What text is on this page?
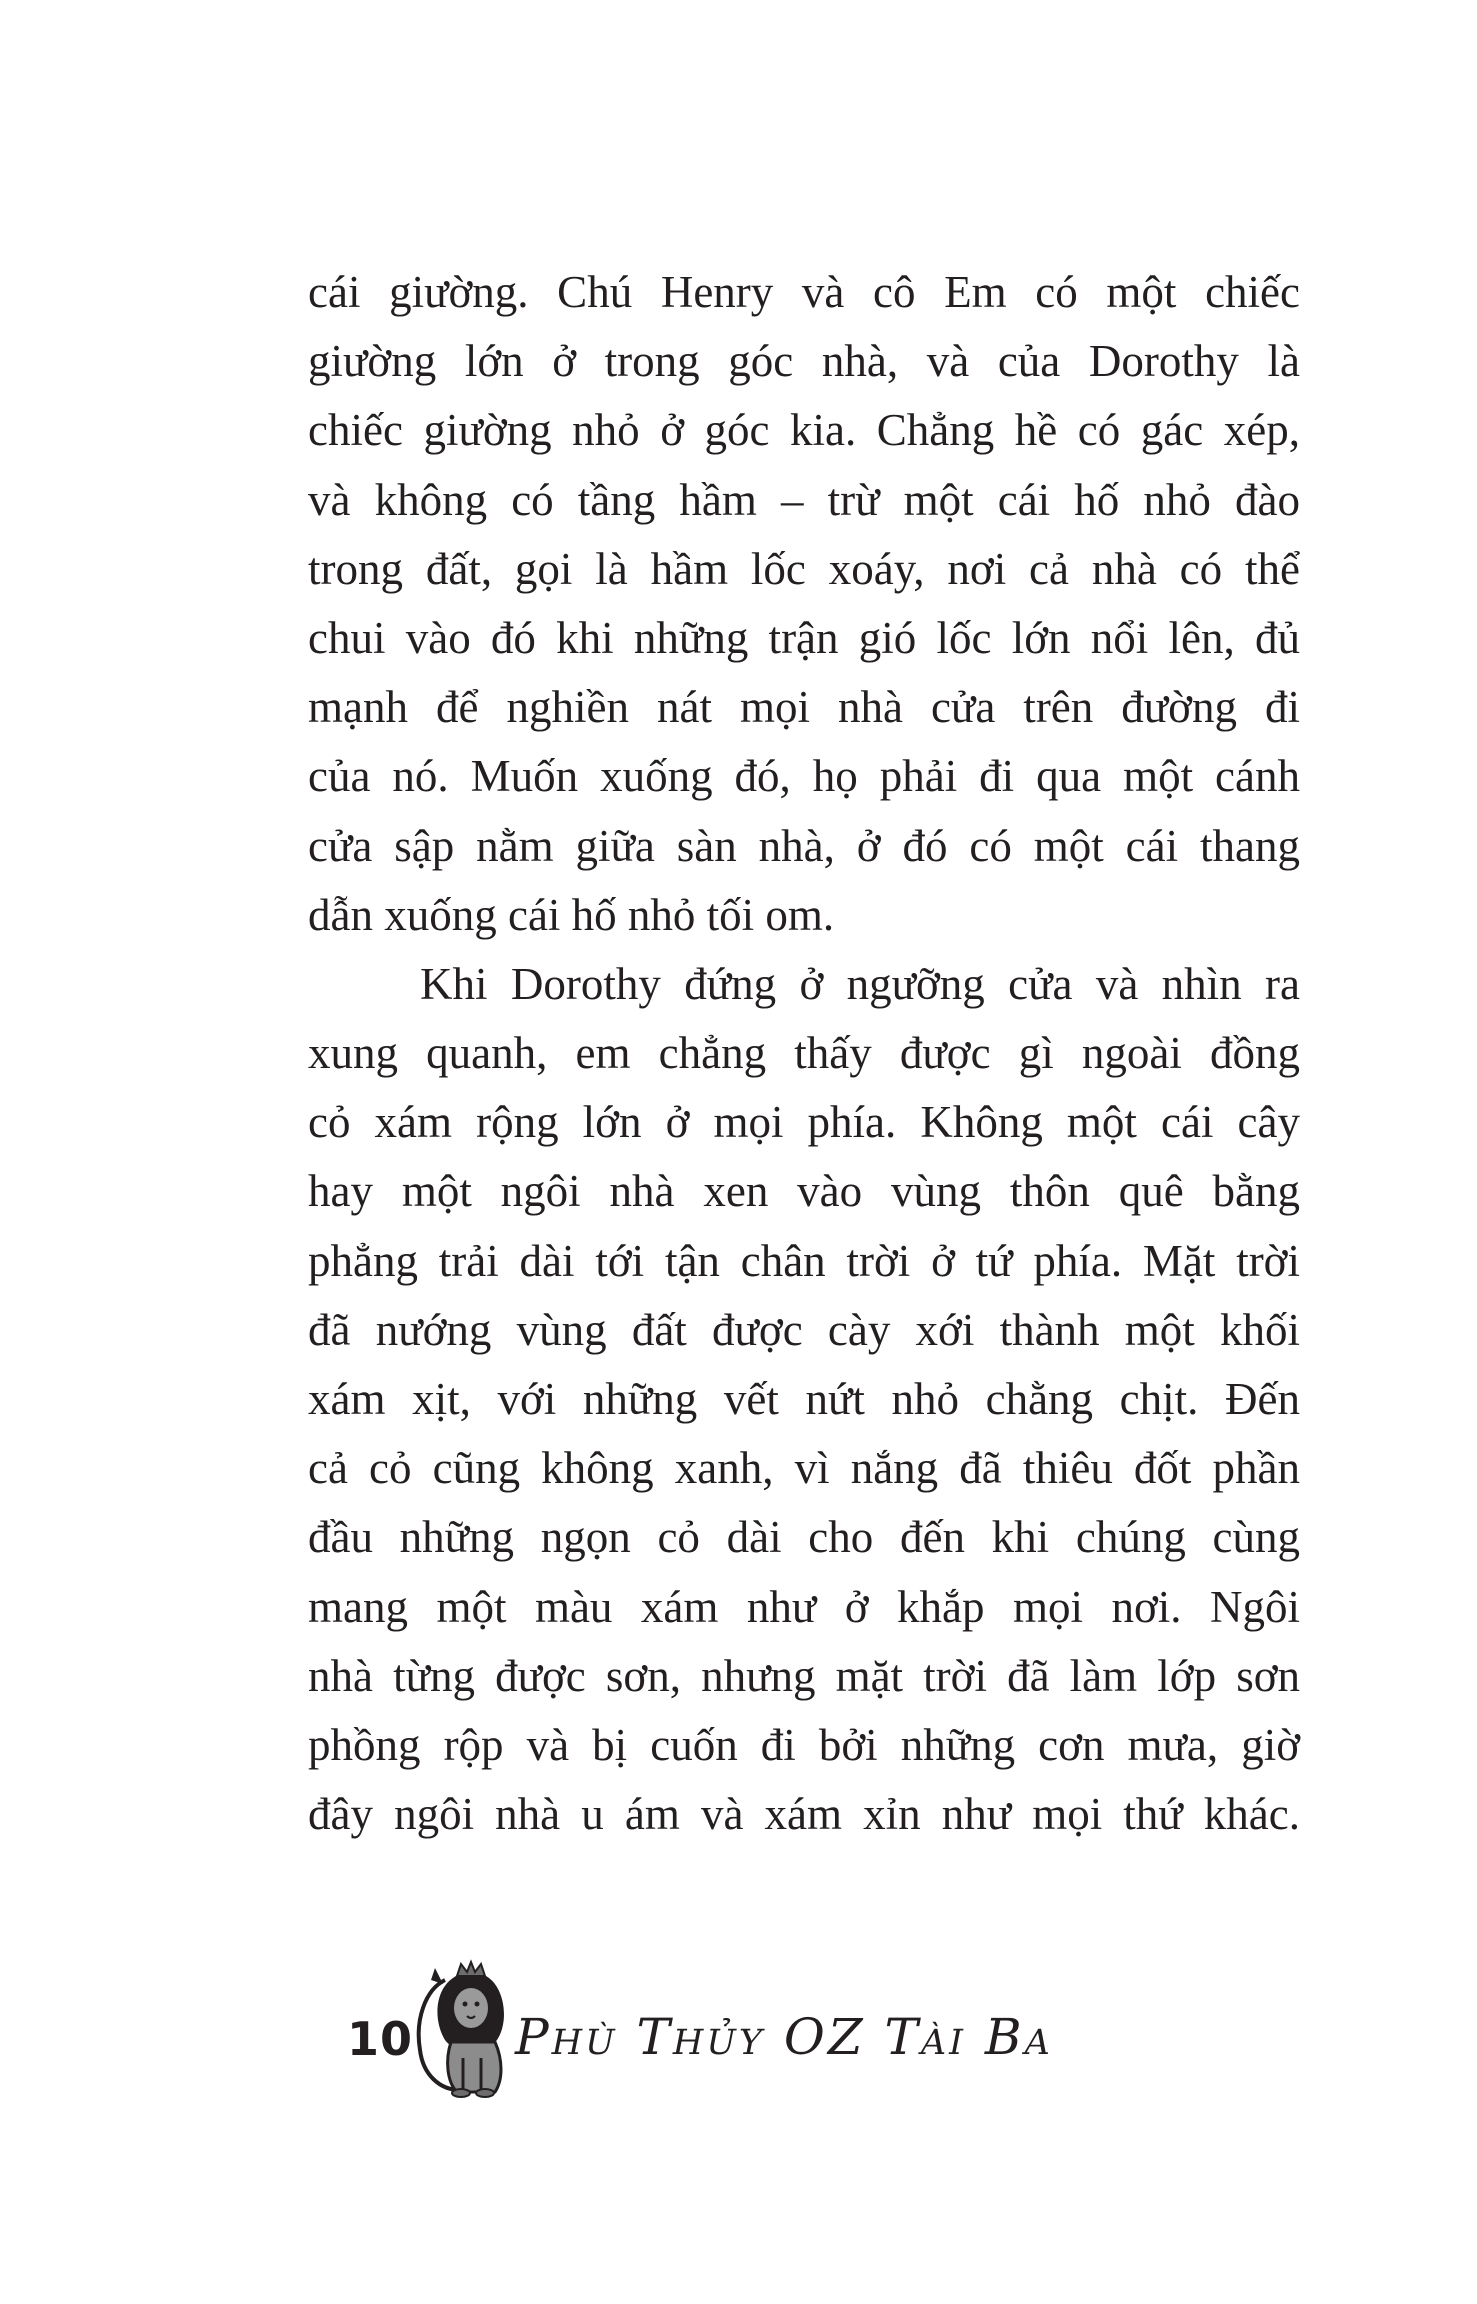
cái giường. Chú Henry và cô Em có một chiếc
giường lớn ở trong góc nhà, và của Dorothy là
chiếc giường nhỏ ở góc kia. Chẳng hề có gác xép,
và không có tầng hầm – trừ một cái hố nhỏ đào
trong đất, gọi là hầm lốc xoáy, nơi cả nhà có thể
chui vào đó khi những trận gió lốc lớn nổi lên, đủ
mạnh để nghiền nát mọi nhà cửa trên đường đi
của nó. Muốn xuống đó, họ phải đi qua một cánh
cửa sập nằm giữa sàn nhà, ở đó có một cái thang
dẫn xuống cái hố nhỏ tối om.
Khi Dorothy đứng ở ngưỡng cửa và nhìn ra
xung quanh, em chẳng thấy được gì ngoài đồng
cỏ xám rộng lớn ở mọi phía. Không một cái cây
hay một ngôi nhà xen vào vùng thôn quê bằng
phẳng trải dài tới tận chân trời ở tứ phía. Mặt trời
đã nướng vùng đất được cày xới thành một khối
xám xịt, với những vết nứt nhỏ chằng chịt. Đến
cả cỏ cũng không xanh, vì nắng đã thiêu đốt phần
đầu những ngọn cỏ dài cho đến khi chúng cùng
mang một màu xám như ở khắp mọi nơi. Ngôi
nhà từng được sơn, nhưng mặt trời đã làm lớp sơn
phồng rộp và bị cuốn đi bởi những cơn mưa, giờ
đây ngôi nhà u ám và xám xỉn như mọi thứ khác.
10 Phù Thủy OZ Tài Ba
